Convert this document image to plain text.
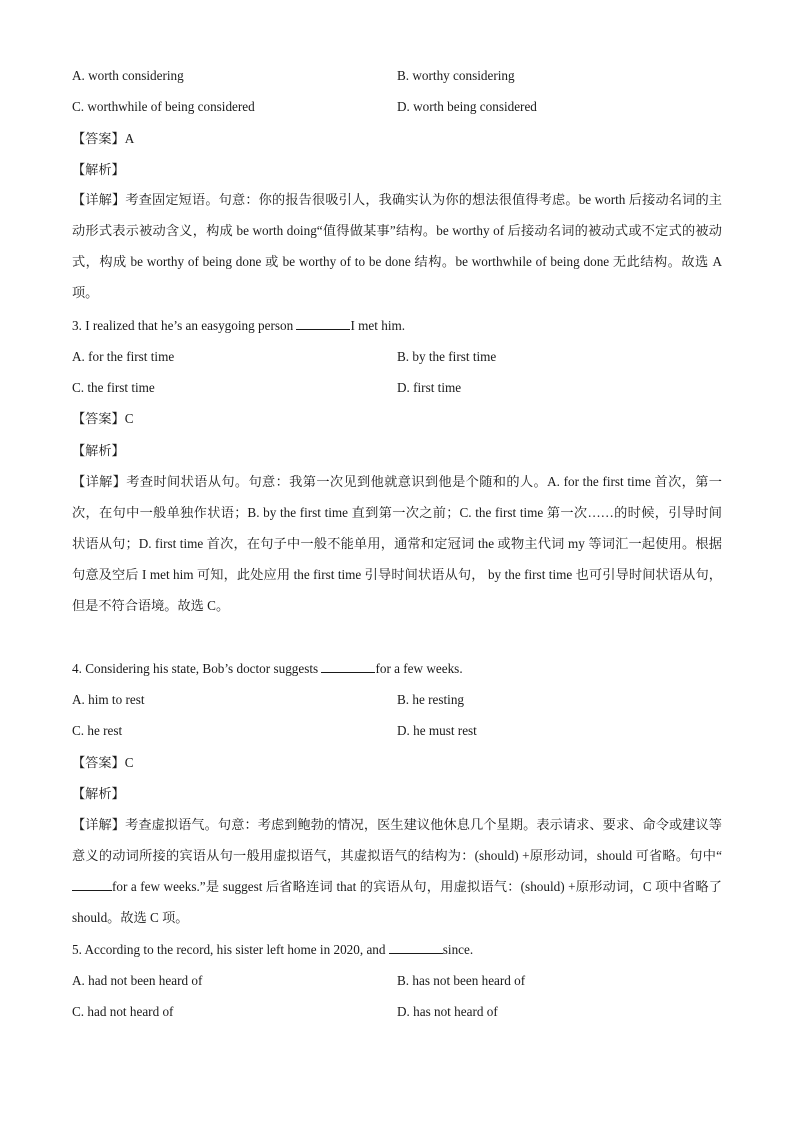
A. worth considering	B. worthy considering
C. worthwhile of being considered	D. worth being considered
【答案】A
【解析】
【详解】考查固定短语。句意：你的报告很吸引人，我确实认为你的想法很值得考虑。be worth 后接动名词的主动形式表示被动含义，构成 be worth doing“值得做某事”结构。be worthy of 后接动名词的被动式或不定式的被动式，构成 be worthy of being done 或 be worthy of to be done 结构。be worthwhile of being done 无此结构。故选 A 项。
3. I realized that he’s an easygoing person	I met him.
A. for the first time	B. by the first time
C. the first time	D. first time
【答案】C
【解析】
【详解】考查时间状语从句。句意：我第一次见到他就意识到他是个随和的人。A. for the first time 首次，第一次，在句中一般单独作状语；B. by the first time 直到第一次之前；C. the first time 第一次……的时候，引导时间状语从句；D. first time 首次，在句子中一般不能单用，通常和定冠词 the 或物主代词 my 等词汇一起使用。根据句意及空后 I met him 可知，此处应用 the first time 引导时间状语从句， by the first time 也可引导时间状语从句，但是不符合语境。故选 C。
4. Considering his state, Bob’s doctor suggests	for a few weeks.
A. him to rest	B. he resting
C. he rest	D. he must rest
【答案】C
【解析】
【详解】考查虚拟语气。句意：考虑到鲍勃的情况，医生建议他休息几个星期。表示请求、要求、命令或建议等意义的动词所接的宾语从句一般用虚拟语气，其虚拟语气的结构为：(should) +原形动词，should 可省略。句中“for a few weeks.”是 suggest 后省略连词 that 的宾语从句，用虚拟语气：(should) +原形动词，C 项中省略了 should。故选 C 项。
5. According to the record, his sister left home in 2020, and	since.
A. had not been heard of	B. has not been heard of
C. had not heard of	D. has not heard of
